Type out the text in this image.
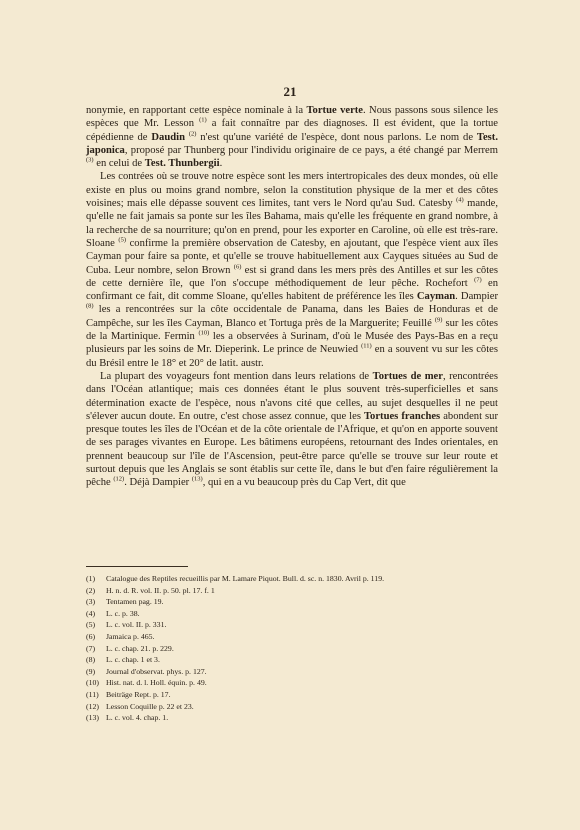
21

nonymie, en rapportant cette espèce nominale à la Tortue verte. Nous passons sous silence les espèces que Mr. Lesson $^{(1)}$ a fait connaître par des diagnoses. Il est évident, que la tortue cépédienne de Daudin $^{(2)}$ n'est qu'une variété de l'espèce, dont nous parlons. Le nom de Test. japonica, proposé par Thunberg pour l'individu originaire de ce pays, a été changé par Merrem $^{(3)}$ en celui de Test. Thunbergii.

Les contrées où se trouve notre espèce sont les mers intertropicales des deux mondes, où elle existe en plus ou moins grand nombre, selon la constitution physique de la mer et des côtes voisines; mais elle dépasse souvent ces limites, tant vers le Nord qu'au Sud. Catesby $^{(4)}$ mande, qu'elle ne fait jamais sa ponte sur les îles Bahama, mais qu'elle les fréquente en grand nombre, à la recherche de sa nourriture; qu'on en prend, pour les exporter en Caroline, où elle est très-rare. Sloane $^{(5)}$ confirme la première observation de Catesby, en ajoutant, que l'espèce vient aux îles Cayman pour faire sa ponte, et qu'elle se trouve habituellement aux Cayques situées au Sud de Cuba. Leur nombre, selon Brown $^{(6)}$ est si grand dans les mers près des Antilles et sur les côtes de cette dernière île, que l'on s'occupe méthodiquement de leur pêche. Rochefort $^{(7)}$ en confirmant ce fait, dit comme Sloane, qu'elles habitent de préférence les îles Cayman. Dampier $^{(8)}$ les a rencontrées sur la côte occidentale de Panama, dans les Baies de Honduras et de Campêche, sur les îles Cayman, Blanco et Tortuga près de la Marguerite; Feuillé $^{(9)}$ sur les côtes de la Martinique. Fermin $^{(10)}$ les a observées à Surinam, d'où le Musée des Pays-Bas en a reçu plusieurs par les soins de Mr. Dieperink. Le prince de Neuwied $^{(11)}$ en a souvent vu sur les côtes du Brésil entre le 18° et 20° de latit. austr.

La plupart des voyageurs font mention dans leurs relations de Tortues de mer, rencontrées dans l'Océan atlantique; mais ces données étant le plus souvent très-superficielles et sans détermination exacte de l'espèce, nous n'avons cité que celles, au sujet desquelles il ne peut s'élever aucun doute. En outre, c'est chose assez connue, que les Tortues franches abondent sur presque toutes les îles de l'Océan et de la côte orientale de l'Afrique, et qu'on en apporte souvent de ses parages vivantes en Europe. Les bâtimens européens, retournant des Indes orientales, en prennent beaucoup sur l'île de l'Ascension, peut-être parce qu'elle se trouve sur leur route et surtout depuis que les Anglais se sont établis sur cette île, dans le but d'en faire régulièrement la pêche $^{(12)}$. Déjà Dampier $^{(13)}$, qui en a vu beaucoup près du Cap Vert, dit que

(1) Catalogue des Reptiles recueillis par M. Lamare Piquot. Bull. d. sc. n. 1830. Avril p. 119.
(2) H. n. d. R. vol. II. p. 50. pl. 17. f. 1
(3) Tentamen pag. 19.
(4) L. c. p. 38.
(5) L. c. vol. II. p. 331.
(6) Jamaica p. 465.
(7) L. c. chap. 21. p. 229.
(8) L. c. chap. 1 et 3.
(9) Journal d'observat. phys. p. 127.
(10) Hist. nat. d. l. Holl. équin. p. 49.
(11) Beiträge Rept. p. 17.
(12) Lesson Coquille p. 22 et 23.
(13) L. c. vol. 4. chap. 1.
